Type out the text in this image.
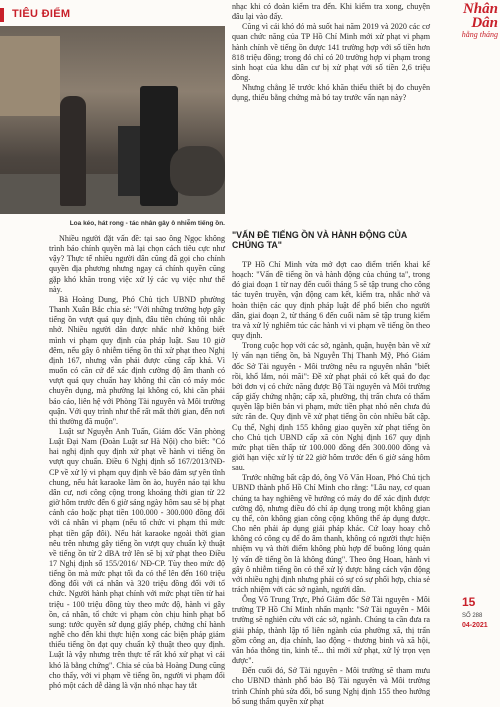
TIÊU ĐIỂM	Nhân Dân
hằng tháng
Loa kéo, hát rong - tác nhân gây ô nhiễm tiếng ồn.

Nhiều người đặt vấn đề: tại sao ông Ngọc không trình báo chính quyền mà lại chọn cách tiêu cực như vậy? Thực tế nhiều người dân cũng đã gọi cho chính quyền địa phương nhưng ngay cả chính quyền cũng gặp khó khăn trong việc xử lý các vụ việc như thế này.

Bà Hoàng Dung, Phó Chủ tịch UBND phường Thanh Xuân Bắc chia sẻ: "Với những trường hợp gây tiếng ồn vượt quá quy định, đâu tiên chúng tôi nhắc nhở. Nhiều người dân được nhắc nhở không biết mình vi phạm quy định của pháp luật. Sau 10 giờ đêm, nếu gây ô nhiễm tiếng ồn thì xử phạt theo Nghị định 167, nhưng vẫn phải được cũng cấp khá. Vì muốn có căn cứ để xác định cường độ âm thanh có vượt quá quy chuẩn hay không thì cần có máy móc chuyên dụng, mà phường lại không có, khi cần phải báo cáo, liên hệ với Phòng Tài nguyên và Môi trường quận. Với quy trình như thế rất mất thời gian, đến nơi thì thường đã muộn".

Luật sư Nguyễn Anh Tuấn, Giám đốc Văn phòng Luật Đại Nam (Đoàn Luật sư Hà Nội) cho biết: "Có hai nghị định quy định xử phạt về hành vi tiếng ồn vượt quy chuẩn. Điều 6 Nghị định số 167/2013/NĐ-CP về xử lý vi phạm quy định về bảo đảm sự yên tĩnh chung, nếu hát karaoke làm ồn ào, huyên náo tại khu dân cư, nơi công cộng trong khoảng thời gian từ 22 giờ hôm trước đến 6 giờ sáng ngày hôm sau sẽ bị phạt cảnh cáo hoặc phạt tiền 100.000 - 300.000 đồng đối với cá nhân vi phạm (nếu tổ chức vi phạm thì mức phạt tiền gấp đôi). Nếu hát karaoke ngoài thời gian nêu trên nhưng gây tiếng ồn vượt quy chuẩn kỹ thuật về tiếng ồn từ 2 dBA trở lên sẽ bị xử phạt theo Điều 17 Nghị định số 155/2016/ NĐ-CP. Tùy theo mức độ tiếng ồn mà mức phạt tối đa có thể lên đến 160 triệu đồng đối với cá nhân và 320 triệu đồng đối với tổ chức. Người hành phạt chính với mức phạt tiền từ hai triệu - 100 triệu đồng tùy theo mức độ, hành vi gây ồn, cá nhân, tổ chức vi phạm còn chịu hình phạt bổ sung: tước quyền sử dụng giấy phép, chứng chỉ hành nghề cho đến khi thực hiện xong các biện pháp giảm thiểu tiếng ồn đạt quy chuẩn kỹ thuật theo quy định. Luật là vậy nhưng trên thực tế rất khó xử phạt vì cái khó là bằng chứng". Chia sẻ của bà Hoàng Dung cũng cho thấy, với vi phạm về tiếng ồn, người vi phạm đổi phó một cách dễ dàng là vặn nhỏ nhạc hay tắt

nhạc khi có đoàn kiểm tra đến. Khi kiểm tra xong, chuyện đâu lại vào đấy.

Cũng vì cái khó đó mà suốt hai năm 2019 và 2020 các cơ quan chức năng của TP Hồ Chí Minh mới xử phạt vi phạm hành chính về tiếng ồn được 141 trường hợp với số tiền hơn 818 triệu đồng; trong đó chỉ có 20 trường hợp vi phạm trong sinh hoạt của khu dân cư bị xử phạt với số tiền 2,6 triệu đồng.

Nhưng chẳng lẽ trước khó khăn thiếu thiết bị đo chuyên dụng, thiếu bằng chứng mà bó tay trước vấn nạn này?

"VẤN ĐỀ TIẾNG ỒN VÀ HÀNH ĐỘNG CỦA CHÚNG TA"

TP Hồ Chí Minh vừa mở đợt cao điểm triển khai kế hoạch: "Vấn đề tiếng ồn và hành động của chúng ta", trong đó giai đoạn 1 từ nay đến cuối tháng 5 sẽ tập trung cho công tác tuyên truyền, vận động cam kết, kiểm tra, nhắc nhở và hoàn thiện các quy định pháp luật để phổ biến cho người dân, giai đoạn 2, từ tháng 6 đến cuối năm sẽ tập trung kiểm tra và xử lý nghiêm túc các hành vi vi phạm về tiếng ồn theo quy định.

Trong cuộc họp với các sở, ngành, quận, huyện bàn về xử lý vấn nạn tiếng ồn, bà Nguyễn Thị Thanh Mỹ, Phó Giám đốc Sở Tài nguyên - Môi trường nêu ra nguyên nhân "biết rồi, khổ lắm, nói mãi": Đề xử phạt phải có kết quả đo đạc bởi đơn vị có chức năng được Bộ Tài nguyên và Môi trường cấp giấy chứng nhận; cấp xã, phường, thị trấn chưa có thẩm quyền lập biên bản vi phạm, mức tiền phạt nhỏ nên chưa đủ sức răn đe. Quy định về xử phạt tiếng ồn còn nhiều bất cập. Cụ thể, Nghị định 155 không giao quyền xử phạt tiếng ồn cho Chủ tịch UBND cấp xã còn Nghị định 167 quy định mức phạt tiền thấp từ 100.000 đồng đến 300.000 đồng và giới hạn việc xử lý từ 22 giờ hôm trước đến 6 giờ sáng hôm sau.

Trước những bất cập đó, ông Võ Văn Hoan, Phó Chủ tịch UBND thành phố Hồ Chí Minh cho rằng: "Lâu nay, cơ quan chúng ta hay nghiêng về hướng có máy đo để xác định được cường độ, nhưng điều đó chỉ áp dụng trong một không gian cụ thể, còn không gian công cộng không thể áp dụng được. Cho nên phải áp dụng giải pháp khác. Cứ loay hoay chỗ không có công cụ để đo âm thanh, không có người thực hiện nhiệm vụ và thời điểm không phù hợp để buông lỏng quản lý vấn đề tiếng ồn là không đúng". Theo ông Hoan, hành vi gây ô nhiễm tiếng ồn có thể xử lý được bằng cách vận động với nhiều nghị định nhưng phải có sự có sự phối hợp, chia sẻ trách nhiệm với các sở ngành, người dân.

Ông Võ Trung Trực, Phó Giám đốc Sở Tài nguyên - Môi trường TP Hồ Chí Minh nhấn mạnh: "Sở Tài nguyên - Môi trường sẽ nghiên cứu với các sở, ngành. Chúng ta cần đưa ra giải pháp, thành lập tổ liên ngành của phường xã, thị trấn gồm công an, địa chính, lao động - thương binh và xã hội, văn hóa thông tin, kinh tế... thì mới xử phạt, xử lý trọn vẹn được".

Đến cuối đó, Sở Tài nguyên - Môi trường sẽ tham mưu cho UBND thành phố báo Bộ Tài nguyên và Môi trường trình Chính phủ sửa đổi, bổ sung Nghị định 155 theo hướng bổ sung thẩm quyền xử phạt

15
SỐ 288
04-2021
